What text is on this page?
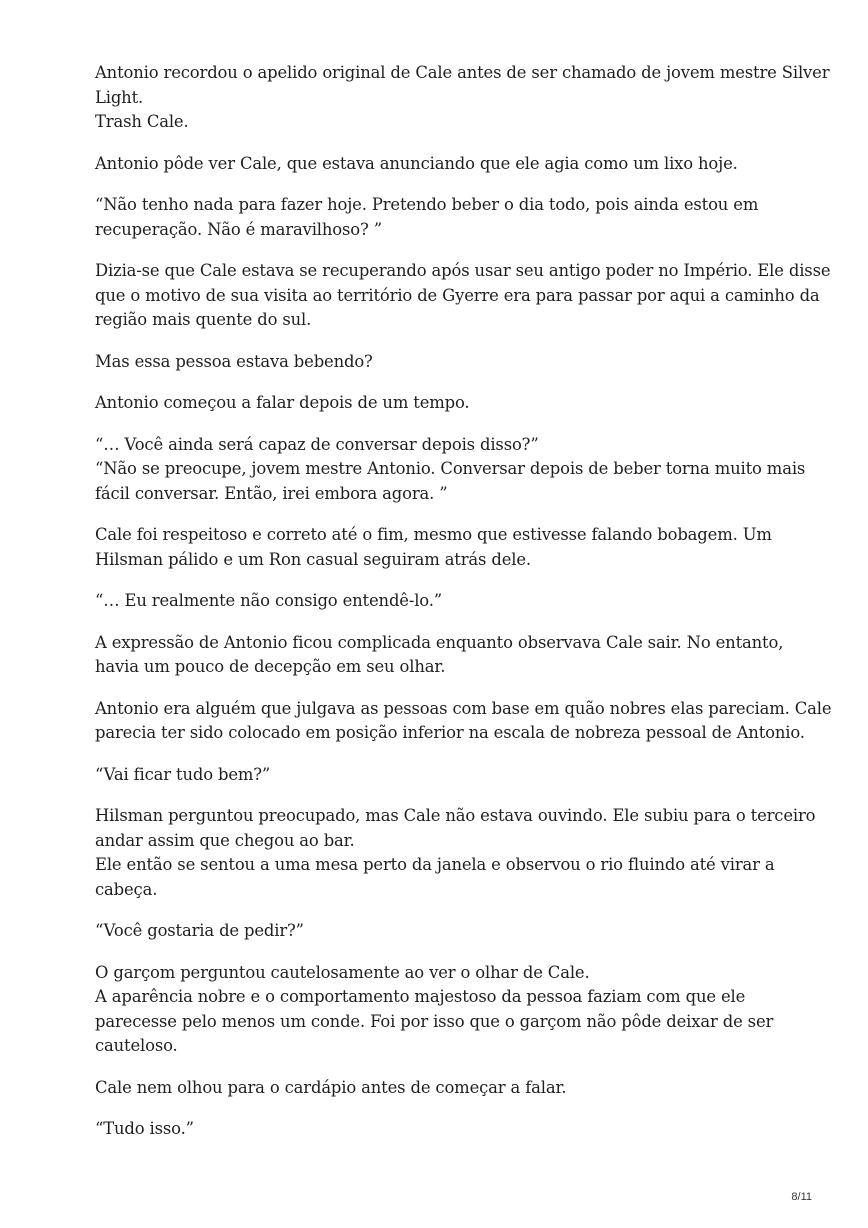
Antonio recordou o apelido original de Cale antes de ser chamado de jovem mestre Silver
Light.
Trash Cale.

Antonio pôde ver Cale, que estava anunciando que ele agia como um lixo hoje.

“Não tenho nada para fazer hoje. Pretendo beber o dia todo, pois ainda estou em
recuperação. Não é maravilhoso? ”

Dizia-se que Cale estava se recuperando após usar seu antigo poder no Império. Ele disse
que o motivo de sua visita ao território de Gyerre era para passar por aqui a caminho da
região mais quente do sul.

Mas essa pessoa estava bebendo?

Antonio começou a falar depois de um tempo.

“… Você ainda será capaz de conversar depois disso?”
“Não se preocupe, jovem mestre Antonio. Conversar depois de beber torna muito mais
fácil conversar. Então, irei embora agora. ”

Cale foi respeitoso e correto até o fim, mesmo que estivesse falando bobagem. Um
Hilsman pálido e um Ron casual seguiram atrás dele.

“… Eu realmente não consigo entendê-lo.”

A expressão de Antonio ficou complicada enquanto observava Cale sair. No entanto,
havia um pouco de decepção em seu olhar.

Antonio era alguém que julgava as pessoas com base em quão nobres elas pareciam. Cale
parecia ter sido colocado em posição inferior na escala de nobreza pessoal de Antonio.

“Vai ficar tudo bem?”

Hilsman perguntou preocupado, mas Cale não estava ouvindo. Ele subiu para o terceiro
andar assim que chegou ao bar.
Ele então se sentou a uma mesa perto da janela e observou o rio fluindo até virar a
cabeça.

“Você gostaria de pedir?”

O garçom perguntou cautelosamente ao ver o olhar de Cale.
A aparência nobre e o comportamento majestoso da pessoa faziam com que ele
parecesse pelo menos um conde. Foi por isso que o garçom não pôde deixar de ser
cauteloso.

Cale nem olhou para o cardápio antes de começar a falar.

“Tudo isso.”

8/11
